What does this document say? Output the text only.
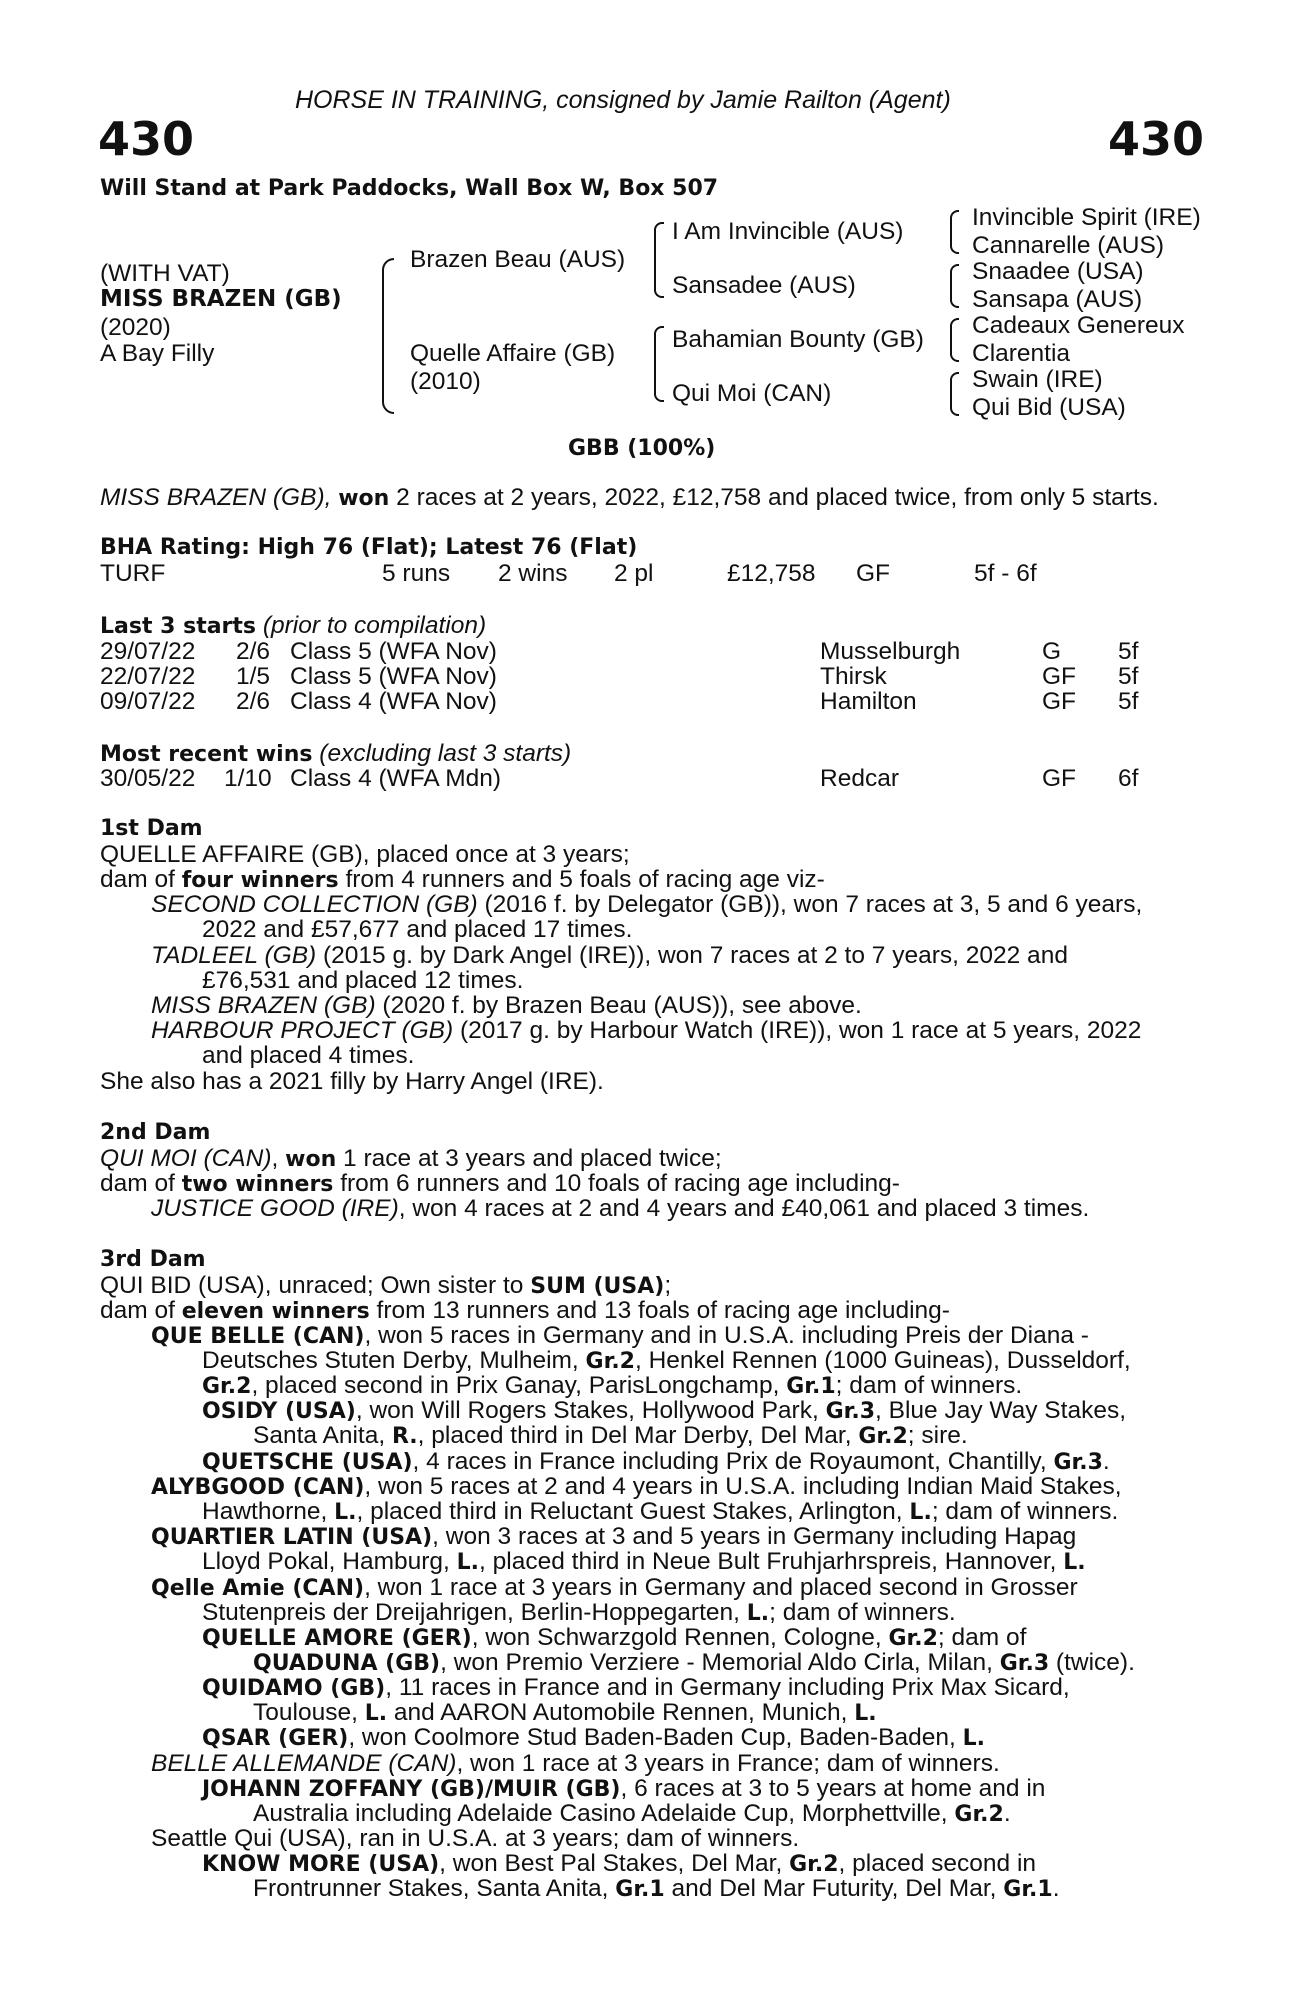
HORSE IN TRAINING, consigned by Jamie Railton (Agent)
430	430
Will Stand at Park Paddocks, Wall Box W, Box 507
(WITH VAT)
MISS BRAZEN (GB)
(2020)
A Bay Filly
Brazen Beau (AUS)
Quelle Affaire (GB)
(2010)
I Am Invincible (AUS)
Sansadee (AUS)
Bahamian Bounty (GB)
Qui Moi (CAN)
Invincible Spirit (IRE)
Cannarelle (AUS)
Snaadee (USA)
Sansapa (AUS)
Cadeaux Genereux
Clarentia
Swain (IRE)
Qui Bid (USA)
GBB (100%)
MISS BRAZEN (GB), won 2 races at 2 years, 2022, £12,758 and placed twice, from only 5 starts.
BHA Rating: High 76 (Flat); Latest 76 (Flat)
TURF	5 runs 2 wins 2 pl	£12,758 GF	5f - 6f
Last 3 starts (prior to compilation)
29/07/22 2/6 Class 5 (WFA Nov)	Musselburgh	G 5f
22/07/22 1/5 Class 5 (WFA Nov)	Thirsk	GF 5f
09/07/22 2/6 Class 4 (WFA Nov)	Hamilton	GF 5f
Most recent wins (excluding last 3 starts)
30/05/22 1/10 Class 4 (WFA Mdn)	Redcar	GF 6f
1st Dam
QUELLE AFFAIRE (GB), placed once at 3 years;
dam of four winners from 4 runners and 5 foals of racing age viz-
SECOND COLLECTION (GB) (2016 f. by Delegator (GB)), won 7 races at 3, 5 and 6 years,
2022 and £57,677 and placed 17 times.
TADLEEL (GB) (2015 g. by Dark Angel (IRE)), won 7 races at 2 to 7 years, 2022 and
£76,531 and placed 12 times.
MISS BRAZEN (GB) (2020 f. by Brazen Beau (AUS)), see above.
HARBOUR PROJECT (GB) (2017 g. by Harbour Watch (IRE)), won 1 race at 5 years, 2022
and placed 4 times.
She also has a 2021 filly by Harry Angel (IRE).
2nd Dam
QUI MOI (CAN), won 1 race at 3 years and placed twice;
dam of two winners from 6 runners and 10 foals of racing age including-
JUSTICE GOOD (IRE), won 4 races at 2 and 4 years and £40,061 and placed 3 times.
3rd Dam
QUI BID (USA), unraced; Own sister to SUM (USA);
dam of eleven winners from 13 runners and 13 foals of racing age including-
QUE BELLE (CAN), won 5 races in Germany and in U.S.A. including Preis der Diana -
Deutsches Stuten Derby, Mulheim, Gr.2, Henkel Rennen (1000 Guineas), Dusseldorf,
Gr.2, placed second in Prix Ganay, ParisLongchamp, Gr.1; dam of winners.
OSIDY (USA), won Will Rogers Stakes, Hollywood Park, Gr.3, Blue Jay Way Stakes,
Santa Anita, R., placed third in Del Mar Derby, Del Mar, Gr.2; sire.
QUETSCHE (USA), 4 races in France including Prix de Royaumont, Chantilly, Gr.3.
ALYBGOOD (CAN), won 5 races at 2 and 4 years in U.S.A. including Indian Maid Stakes,
Hawthorne, L., placed third in Reluctant Guest Stakes, Arlington, L.; dam of winners.
QUARTIER LATIN (USA), won 3 races at 3 and 5 years in Germany including Hapag
Lloyd Pokal, Hamburg, L., placed third in Neue Bult Fruhjarhrspreis, Hannover, L.
Qelle Amie (CAN), won 1 race at 3 years in Germany and placed second in Grosser
Stutenpreis der Dreijahrigen, Berlin-Hoppegarten, L.; dam of winners.
QUELLE AMORE (GER), won Schwarzgold Rennen, Cologne, Gr.2; dam of
QUADUNA (GB), won Premio Verziere - Memorial Aldo Cirla, Milan, Gr.3 (twice).
QUIDAMO (GB), 11 races in France and in Germany including Prix Max Sicard,
Toulouse, L. and AARON Automobile Rennen, Munich, L.
QSAR (GER), won Coolmore Stud Baden-Baden Cup, Baden-Baden, L.
BELLE ALLEMANDE (CAN), won 1 race at 3 years in France; dam of winners.
JOHANN ZOFFANY (GB)/MUIR (GB), 6 races at 3 to 5 years at home and in
Australia including Adelaide Casino Adelaide Cup, Morphettville, Gr.2.
Seattle Qui (USA), ran in U.S.A. at 3 years; dam of winners.
KNOW MORE (USA), won Best Pal Stakes, Del Mar, Gr.2, placed second in
Frontrunner Stakes, Santa Anita, Gr.1 and Del Mar Futurity, Del Mar, Gr.1.
